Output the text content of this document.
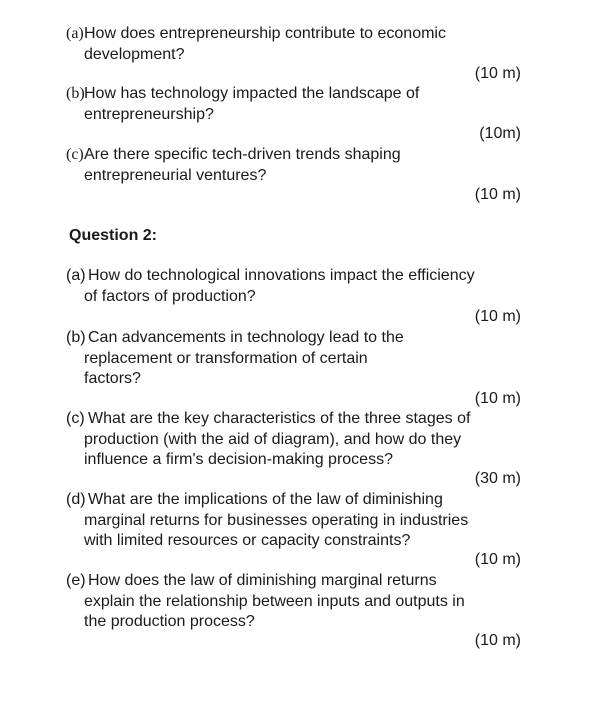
(a) How does entrepreneurship contribute to economic
development?
(10 m)
(b) How has technology impacted the landscape of
entrepreneurship?
(10m)
(c) Are there specific tech-driven trends shaping
entrepreneurial ventures?
(10 m)
Question 2:
(a) How do technological innovations impact the efficiency
of factors of production?
(10 m)
(b) Can advancements in technology lead to the
replacement or transformation of certain
factors?
(10 m)
(c) What are the key characteristics of the three stages of
production (with the aid of diagram), and how do they
influence a firm's decision-making process?
(30 m)
(d) What are the implications of the law of diminishing
marginal returns for businesses operating in industries
with limited resources or capacity constraints?
(10 m)
(e) How does the law of diminishing marginal returns
explain the relationship between inputs and outputs in
the production process?
(10 m)
